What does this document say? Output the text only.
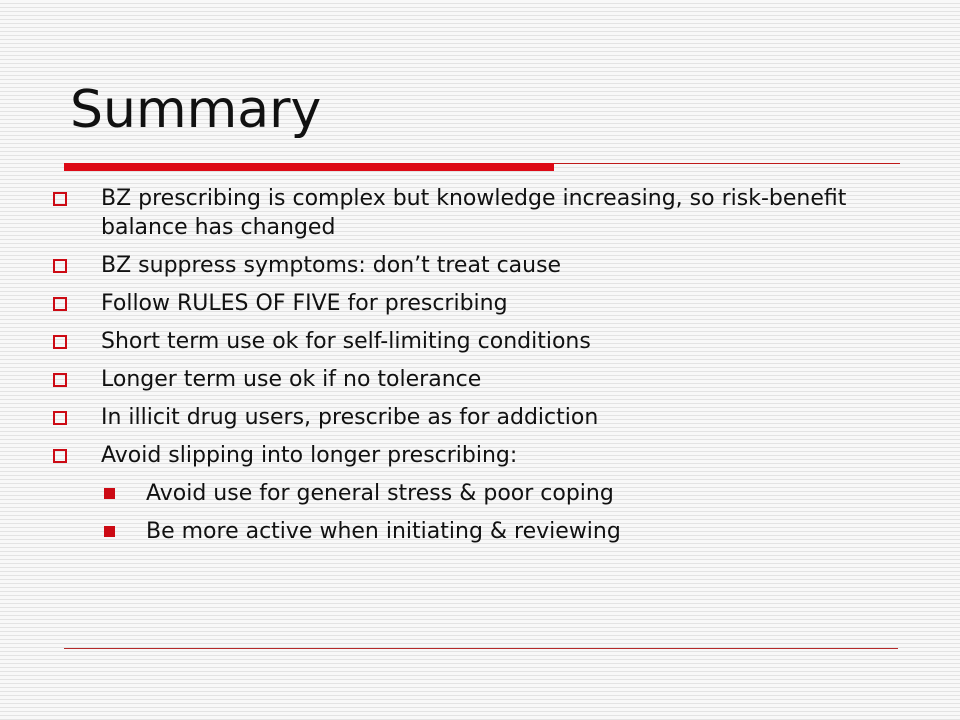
Summary
BZ prescribing is complex but knowledge increasing, so risk-benefit balance has changed
BZ suppress symptoms: don’t treat cause
Follow RULES OF FIVE for prescribing
Short term use ok for self-limiting conditions
Longer term use ok if no tolerance
In illicit drug users, prescribe as for addiction
Avoid slipping into longer prescribing:
Avoid use for general stress & poor coping
Be more active when initiating & reviewing
